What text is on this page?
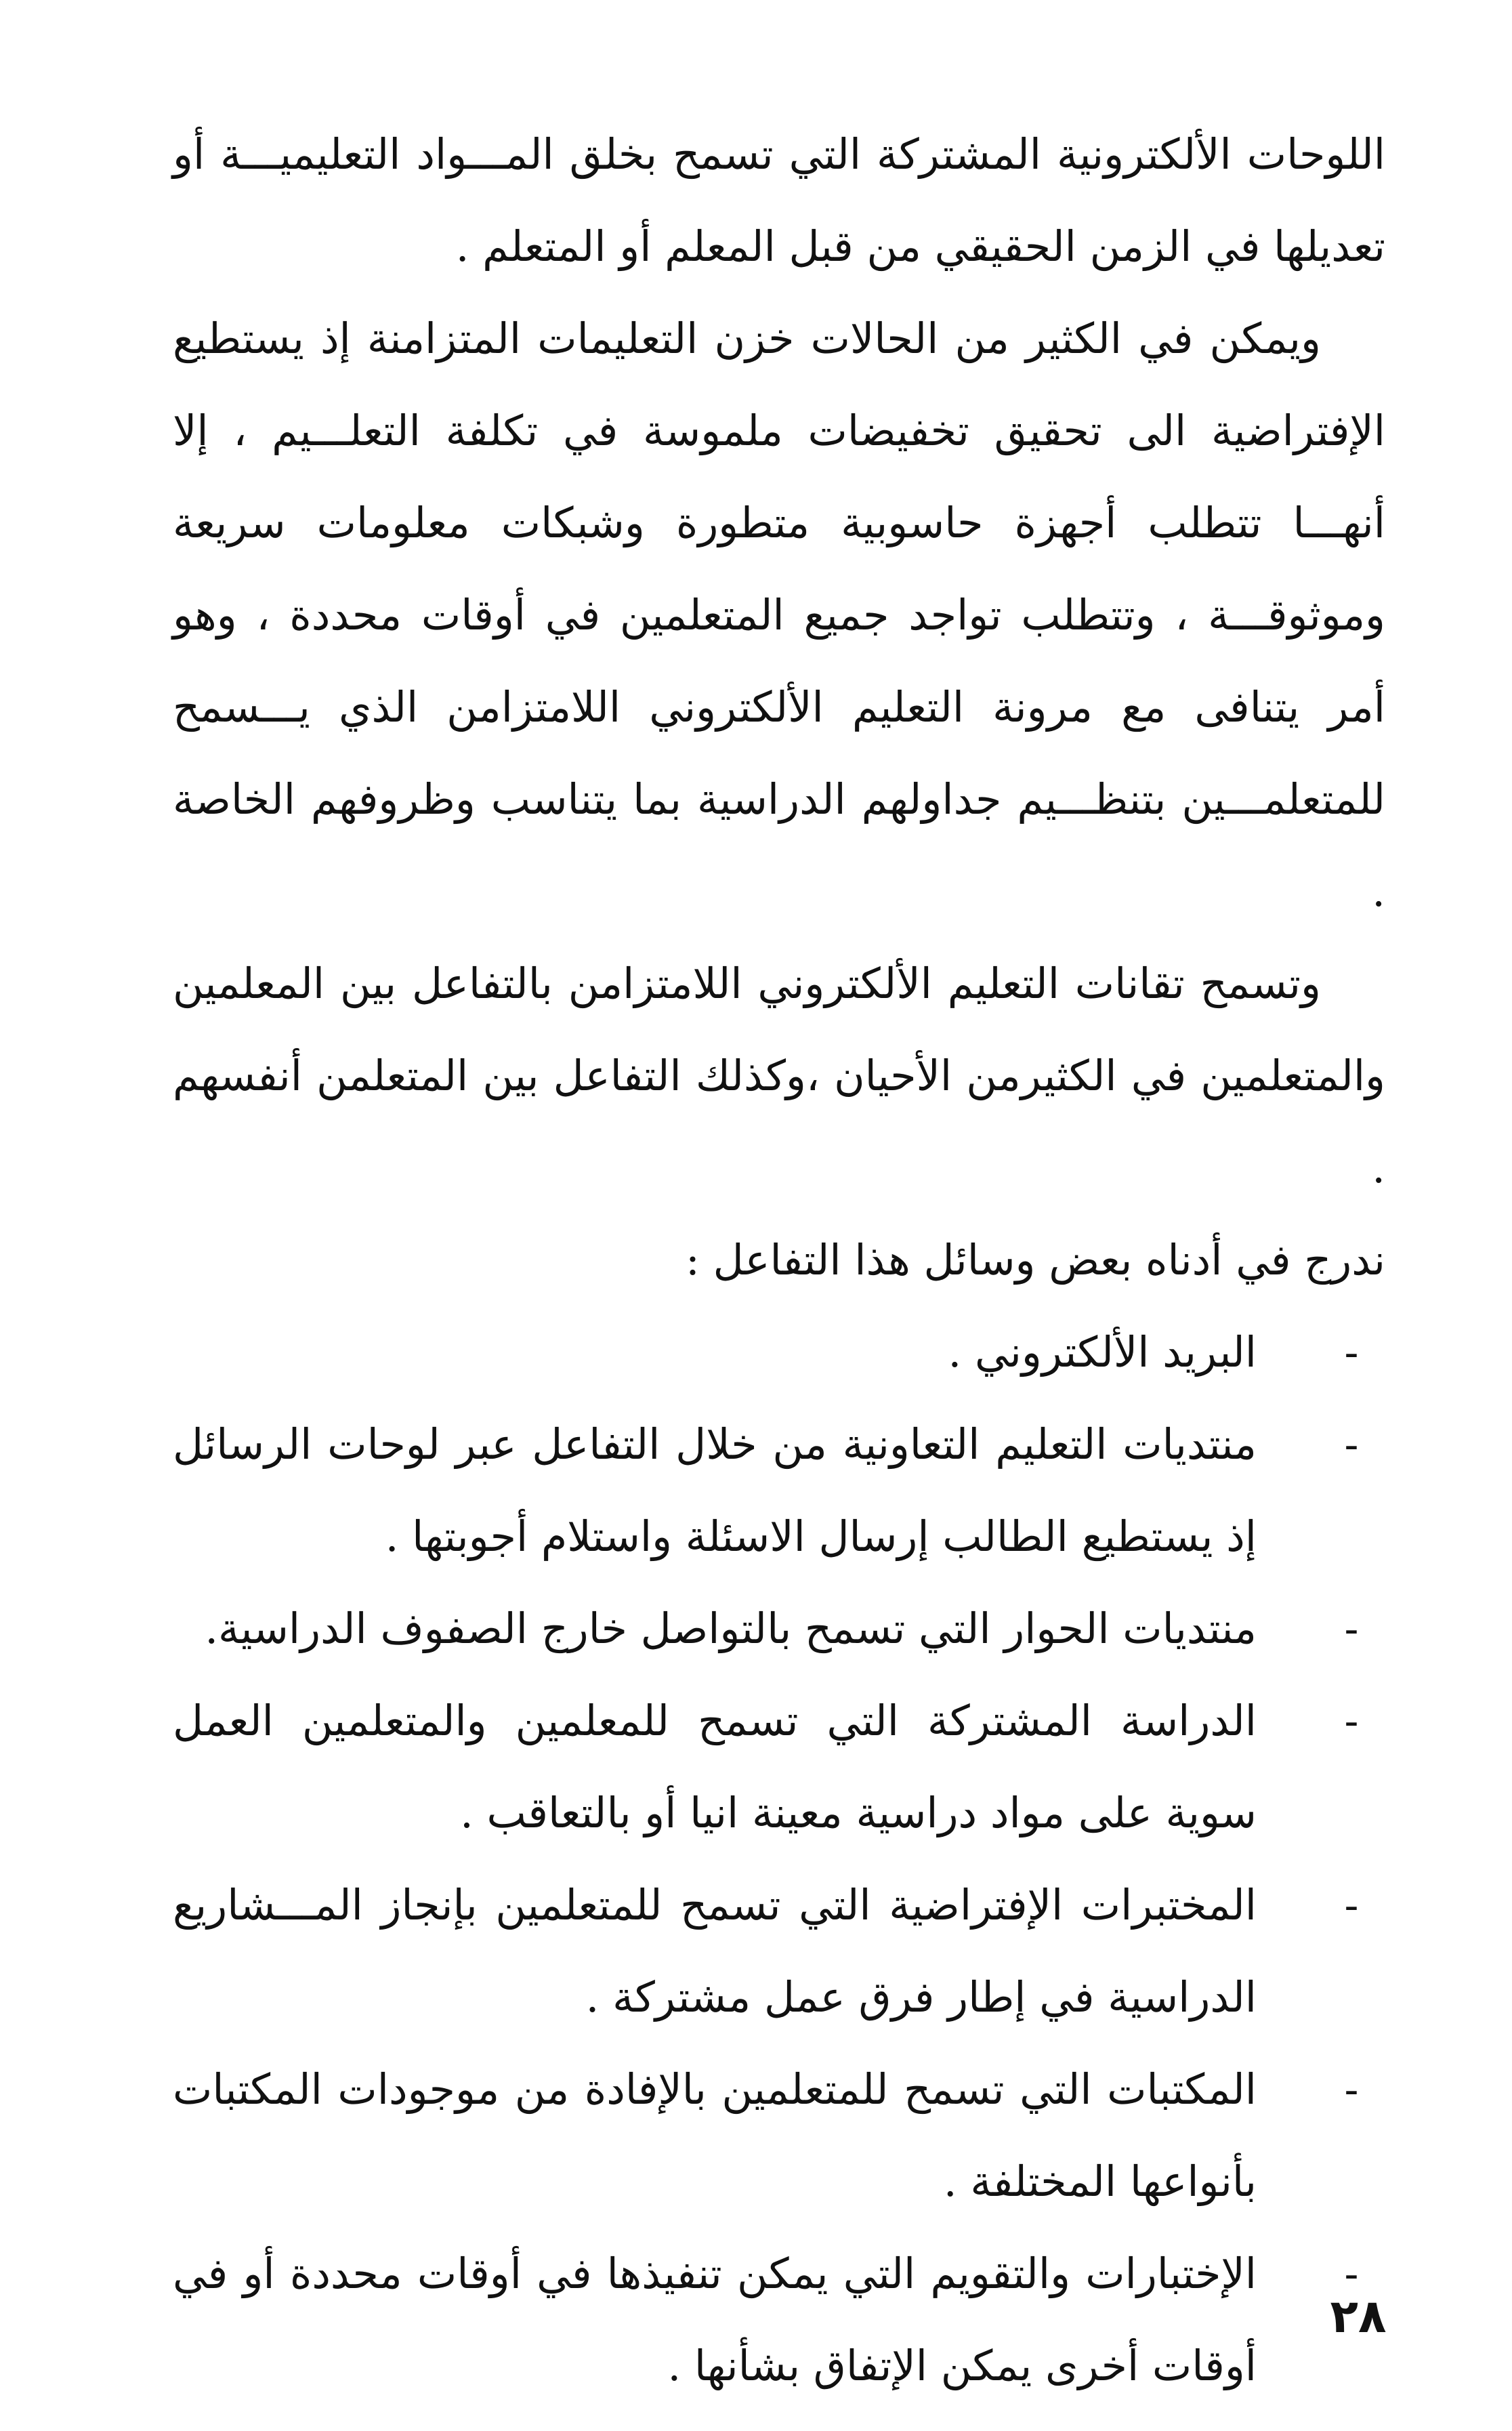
اللوحات الألكترونية المشتركة التي تسمح بخلق المـــواد التعليميـــة أو تعديلها في الزمن الحقيقي من قبل المعلم أو المتعلم .

ويمكن في الكثير من الحالات خزن التعليمات المتزامنة إذ يستطيع الإفتراضية الى تحقيق تخفيضات ملموسة في تكلفة التعلـــيم ، إلا أنهـــا تتطلب أجهزة حاسوبية متطورة وشبكات معلومات سريعة وموثوقـــة ، وتتطلب تواجد جميع المتعلمين في أوقات محددة ، وهو أمر يتنافى مع مرونة التعليم الألكتروني اللامتزامن الذي يـــسمح للمتعلمـــين بتنظـــيم جداولهم الدراسية بما يتناسب وظروفهم الخاصة .

وتسمح تقانات التعليم الألكتروني اللامتزامن بالتفاعل بين المعلمين والمتعلمين في الكثيرمن الأحيان ،وكذلك التفاعل بين المتعلمن أنفسهم .

ندرج في أدناه بعض وسائل هذا التفاعل :

-
البريد الألكتروني .
-
منتديات التعليم التعاونية من خلال التفاعل عبر لوحات الرسائل إذ يستطيع الطالب إرسال الاسئلة واستلام أجوبتها .
-
منتديات الحوار التي تسمح بالتواصل خارج الصفوف الدراسية.
-
الدراسة المشتركة التي تسمح للمعلمين والمتعلمين العمل سوية على مواد دراسية معينة انيا أو بالتعاقب .
-
المختبرات الإفتراضية التي تسمح للمتعلمين بإنجاز المـــشاريع الدراسية في إطار فرق عمل مشتركة .
-
المكتبات التي تسمح للمتعلمين بالإفادة من موجودات المكتبات بأنواعها المختلفة .
-
الإختبارات والتقويم التي يمكن تنفيذها في أوقات محددة أو في أوقات أخرى يمكن الإتفاق بشأنها .
٢٨
